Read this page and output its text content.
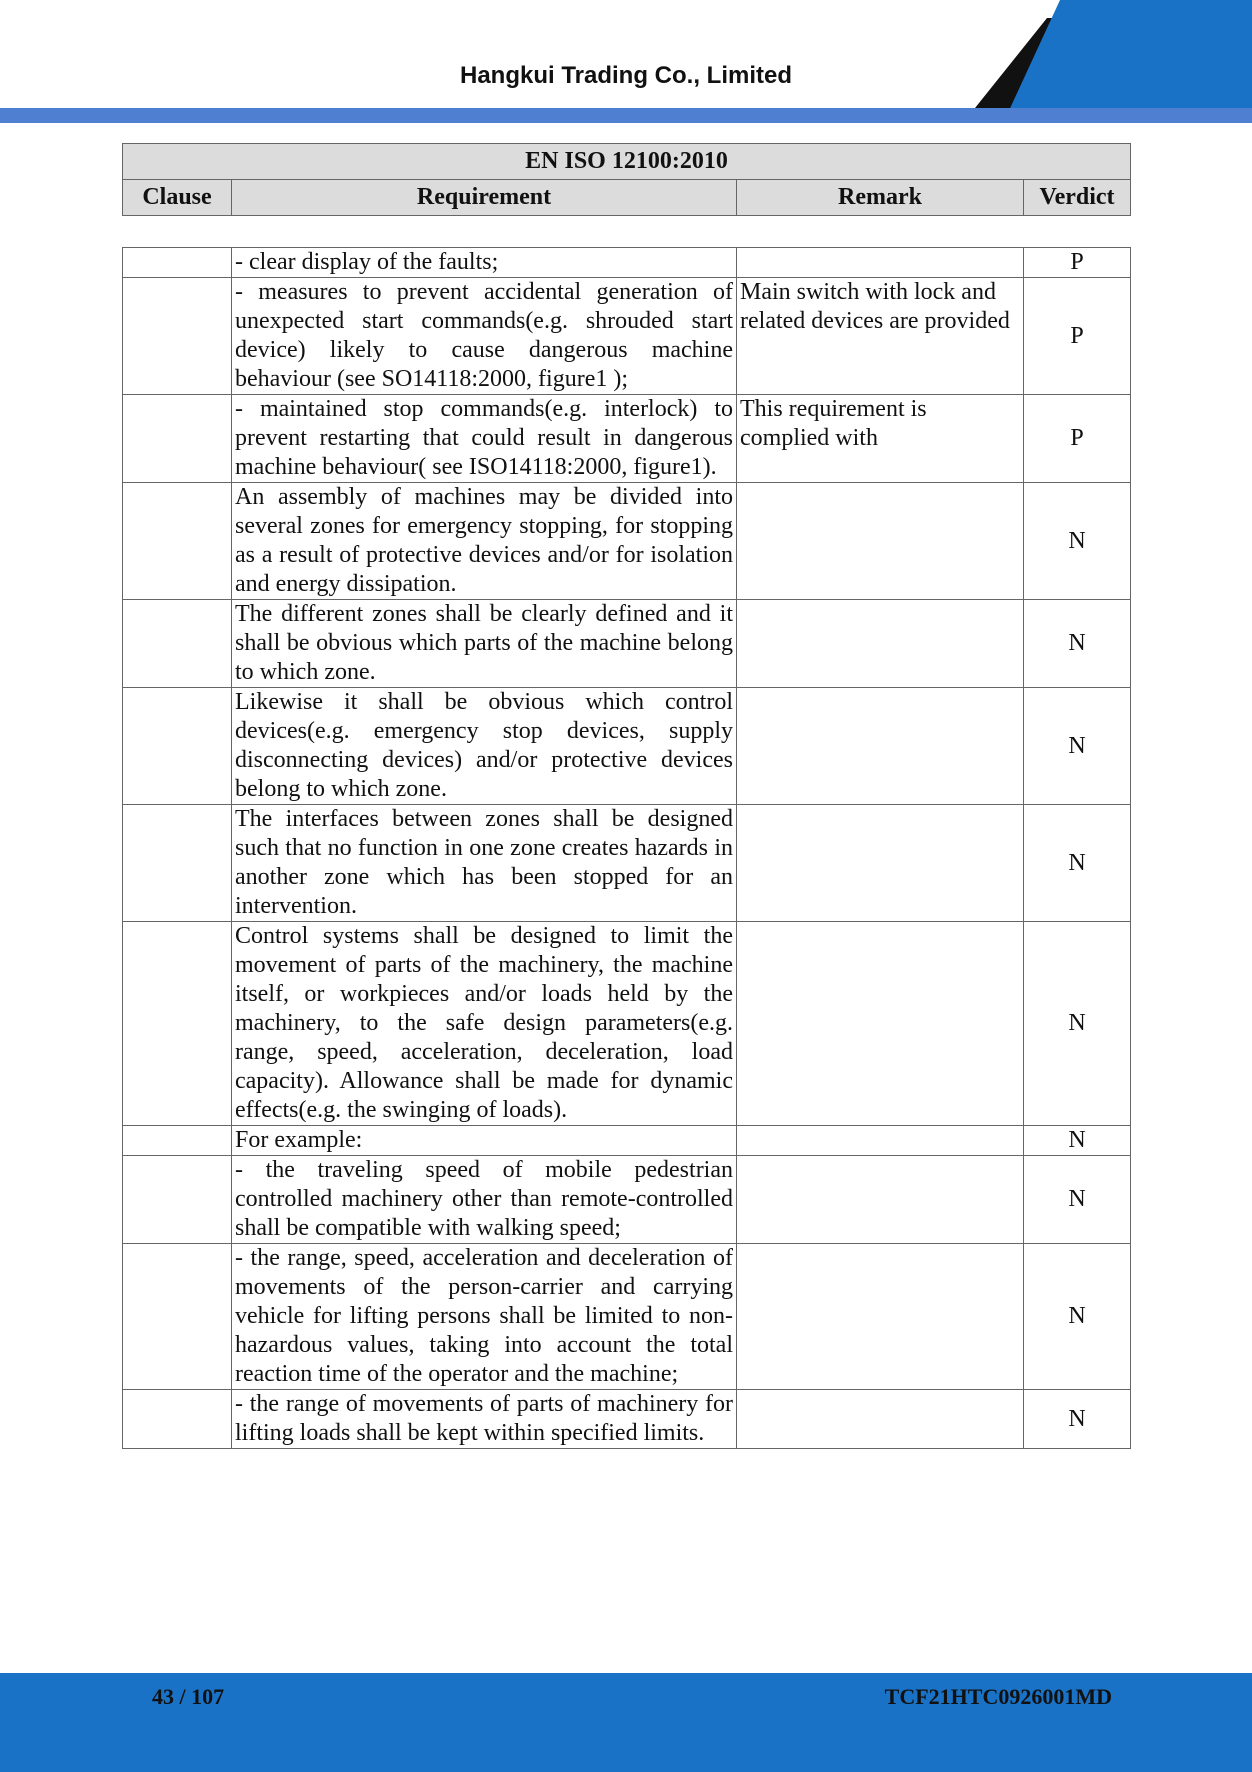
Hangkui Trading Co., Limited
EN ISO 12100:2010
Clause	Requirement	Remark	Verdict
	- clear display of the faults;		P
	- measures to prevent accidental generation of unexpected start commands(e.g. shrouded start device) likely to cause dangerous machine behaviour (see SO14118:2000, figure1 );	Main switch with lock and related devices are provided	P
	- maintained stop commands(e.g. interlock) to prevent restarting that could result in dangerous machine behaviour( see ISO14118:2000, figure1).	This requirement is complied with	P
	An assembly of machines may be divided into several zones for emergency stopping, for stopping as a result of protective devices and/or for isolation and energy dissipation.		N
	The different zones shall be clearly defined and it shall be obvious which parts of the machine belong to which zone.		N
	Likewise it shall be obvious which control devices(e.g. emergency stop devices, supply disconnecting devices) and/or protective devices belong to which zone.		N
	The interfaces between zones shall be designed such that no function in one zone creates hazards in another zone which has been stopped for an intervention.		N
	Control systems shall be designed to limit the movement of parts of the machinery, the machine itself, or workpieces and/or loads held by the machinery, to the safe design parameters(e.g. range, speed, acceleration, deceleration, load capacity). Allowance shall be made for dynamic effects(e.g. the swinging of loads).		N
	For example:		N
	- the traveling speed of mobile pedestrian controlled machinery other than remote-controlled shall be compatible with walking speed;		N
	- the range, speed, acceleration and deceleration of movements of the person-carrier and carrying vehicle for lifting persons shall be limited to non-hazardous values, taking into account the total reaction time of the operator and the machine;		N
	- the range of movements of parts of machinery for lifting loads shall be kept within specified limits.		N
43 / 107	TCF21HTC0926001MD
